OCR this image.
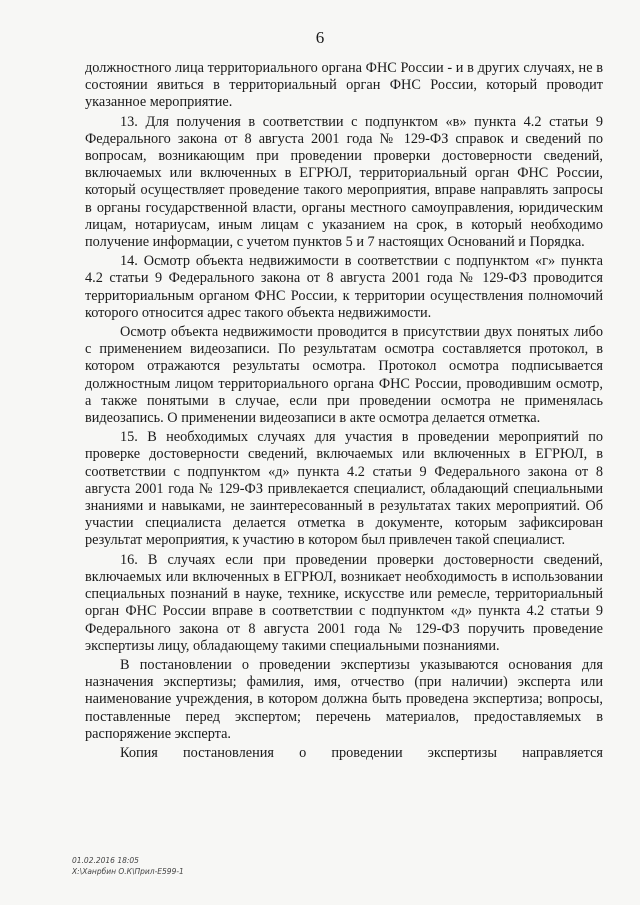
6

должностного лица территориального органа ФНС России - и в других случаях, не в состоянии явиться в территориальный орган ФНС России, который проводит указанное мероприятие.

13. Для получения в соответствии с подпунктом «в» пункта 4.2 статьи 9 Федерального закона от 8 августа 2001 года № 129-ФЗ справок и сведений по вопросам, возникающим при проведении проверки достоверности сведений, включаемых или включенных в ЕГРЮЛ, территориальный орган ФНС России, который осуществляет проведение такого мероприятия, вправе направлять запросы в органы государственной власти, органы местного самоуправления, юридическим лицам, нотариусам, иным лицам с указанием на срок, в который необходимо получение информации, с учетом пунктов 5 и 7 настоящих Оснований и Порядка.

14. Осмотр объекта недвижимости в соответствии с подпунктом «г» пункта 4.2 статьи 9 Федерального закона от 8 августа 2001 года № 129-ФЗ проводится территориальным органом ФНС России, к территории осуществления полномочий которого относится адрес такого объекта недвижимости.

Осмотр объекта недвижимости проводится в присутствии двух понятых либо с применением видеозаписи. По результатам осмотра составляется протокол, в котором отражаются результаты осмотра. Протокол осмотра подписывается должностным лицом территориального органа ФНС России, проводившим осмотр, а также понятыми в случае, если при проведении осмотра не применялась видеозапись. О применении видеозаписи в акте осмотра делается отметка.

15. В необходимых случаях для участия в проведении мероприятий по проверке достоверности сведений, включаемых или включенных в ЕГРЮЛ, в соответствии с подпунктом «д» пункта 4.2 статьи 9 Федерального закона от 8 августа 2001 года № 129-ФЗ привлекается специалист, обладающий специальными знаниями и навыками, не заинтересованный в результатах таких мероприятий. Об участии специалиста делается отметка в документе, которым зафиксирован результат мероприятия, к участию в котором был привлечен такой специалист.

16. В случаях если при проведении проверки достоверности сведений, включаемых или включенных в ЕГРЮЛ, возникает необходимость в использовании специальных познаний в науке, технике, искусстве или ремесле, территориальный орган ФНС России вправе в соответствии с подпунктом «д» пункта 4.2 статьи 9 Федерального закона от 8 августа 2001 года № 129-ФЗ поручить проведение экспертизы лицу, обладающему такими специальными познаниями.

В постановлении о проведении экспертизы указываются основания для назначения экспертизы; фамилия, имя, отчество (при наличии) эксперта или наименование учреждения, в котором должна быть проведена экспертиза; вопросы, поставленные перед экспертом; перечень материалов, предоставляемых в распоряжение эксперта.

Копия постановления о проведении экспертизы направляется

01.02.2016 18:05
X:\Ханрбин О.К\Прил-Е599-1
